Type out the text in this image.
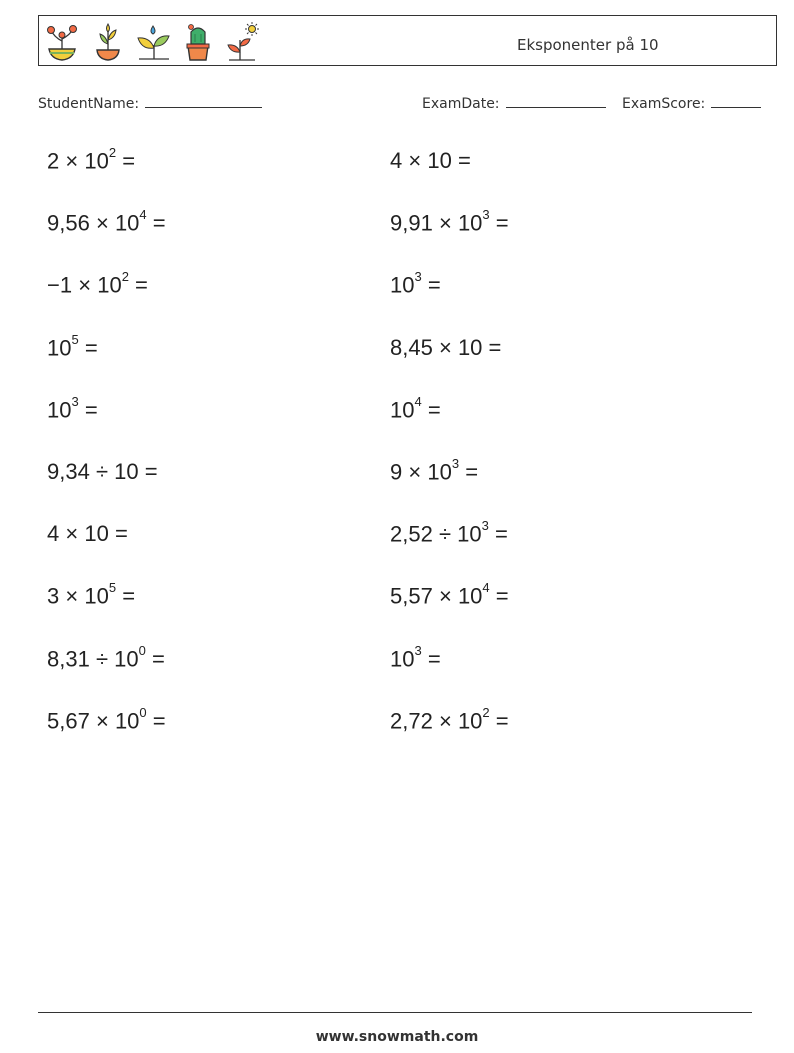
Eksponenter på 10
StudentName:	ExamDate:	ExamScore:
$2 \times 10^2$ =	4 × 10 =
$9,56 \times 10^4$ =	$9,91 \times 10^3$ =
$-1 \times 10^2$ =	$10^3$ =
$10^5$ =	8,45 × 10 =
$10^3$ =	$10^4$ =
9,34 ÷ 10 =	$9 \times 10^3$ =
4 × 10 =	$2,52 \div 10^3$ =
$3 \times 10^5$ =	$5,57 \times 10^4$ =
$8,31 \div 10^0$ =	$10^3$ =
$5,67 \times 10^0$ =	$2,72 \times 10^2$ =
www.snowmath.com
